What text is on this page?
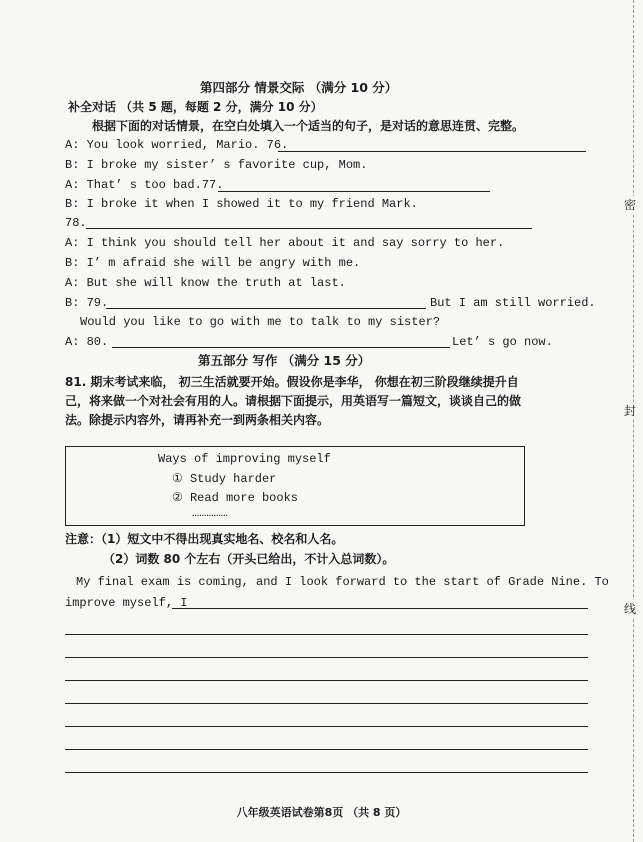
密
封
线
第四部分 情景交际 （满分 10 分）
补全对话 （共 5 题，每题 2 分，满分 10 分）
根据下面的对话情景，在空白处填入一个适当的句子，是对话的意思连贯、完整。
A: You look worried, Mario. 76.
B: I broke my sister’ s favorite cup, Mom.
A: That’ s too bad.77.
B: I broke it when I showed it to my friend Mark.
78.
A: I think you should tell her about it and say sorry to her.
B: I’ m afraid she will be angry with me.
A: But she will know the truth at last.
B: 79.	But I am still worried.
Would you like to go with me to talk to my sister?
A: 80.	Let’ s go now.
第五部分 写作 （满分 15 分）
81. 期末考试来临， 初三生活就要开始。假设你是李华， 你想在初三阶段继续提升自
己，将来做一个对社会有用的人。请根据下面提示，用英语写一篇短文，谈谈自己的做
法。除提示内容外，请再补充一到两条相关内容。
Ways of improving myself
① Study harder
② Read more books
……………
注意：（1）短文中不得出现真实地名、校名和人名。
（2）词数 80 个左右（开头已给出，不计入总词数）。
My final exam is coming, and I look forward to the start of Grade Nine. To
improve myself, I
八年级英语试卷第8页 （共 8 页）
